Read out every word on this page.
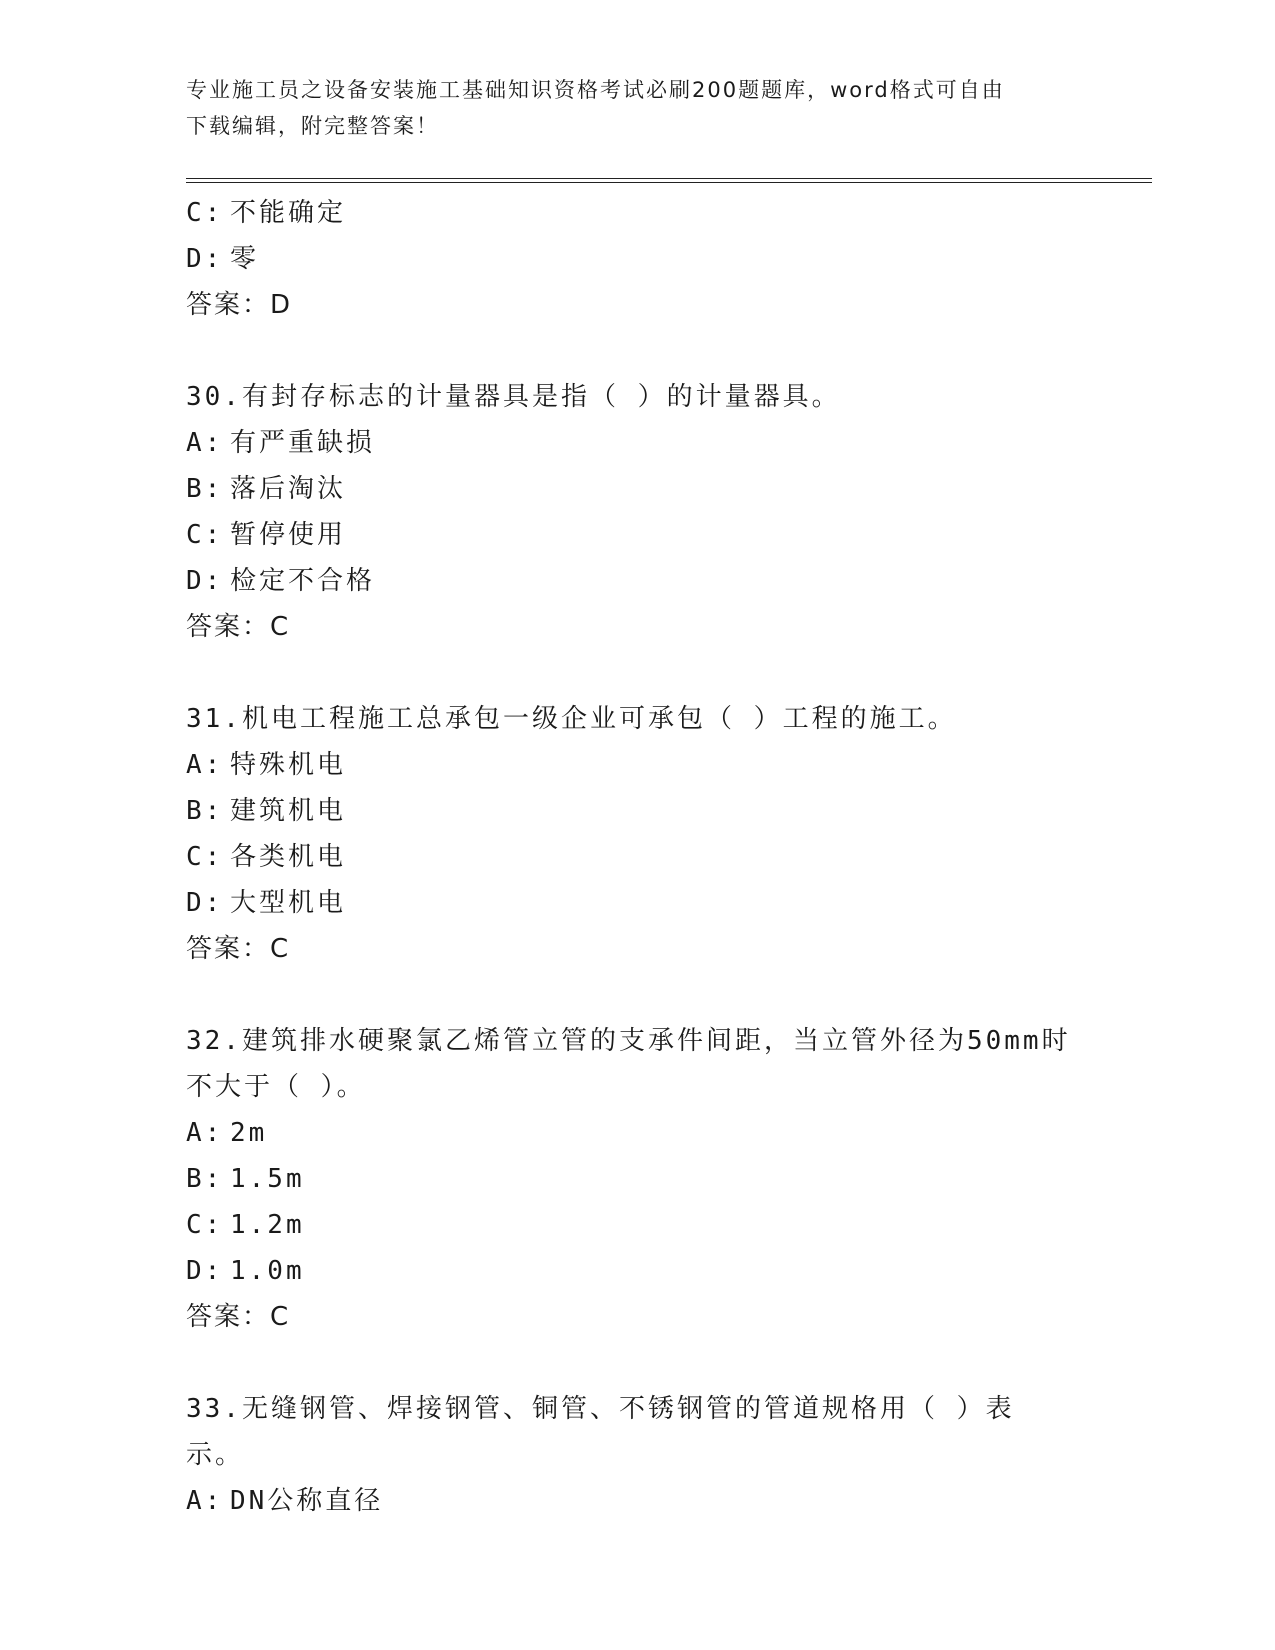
专业施工员之设备安装施工基础知识资格考试必刷200题题库，word格式可自由
下载编辑，附完整答案！
C: 不能确定
D: 零
答案：D
30.有封存标志的计量器具是指（ ）的计量器具。
A: 有严重缺损
B: 落后淘汰
C: 暂停使用
D: 检定不合格
答案：C
31.机电工程施工总承包一级企业可承包（ ）工程的施工。
A: 特殊机电
B: 建筑机电
C: 各类机电
D: 大型机电
答案：C
32.建筑排水硬聚氯乙烯管立管的支承件间距，当立管外径为50mm时
不大于（ ）。
A: 2m
B: 1.5m
C: 1.2m
D: 1.0m
答案：C
33.无缝钢管、焊接钢管、铜管、不锈钢管的管道规格用（ ）表示。
A: DN公称直径
